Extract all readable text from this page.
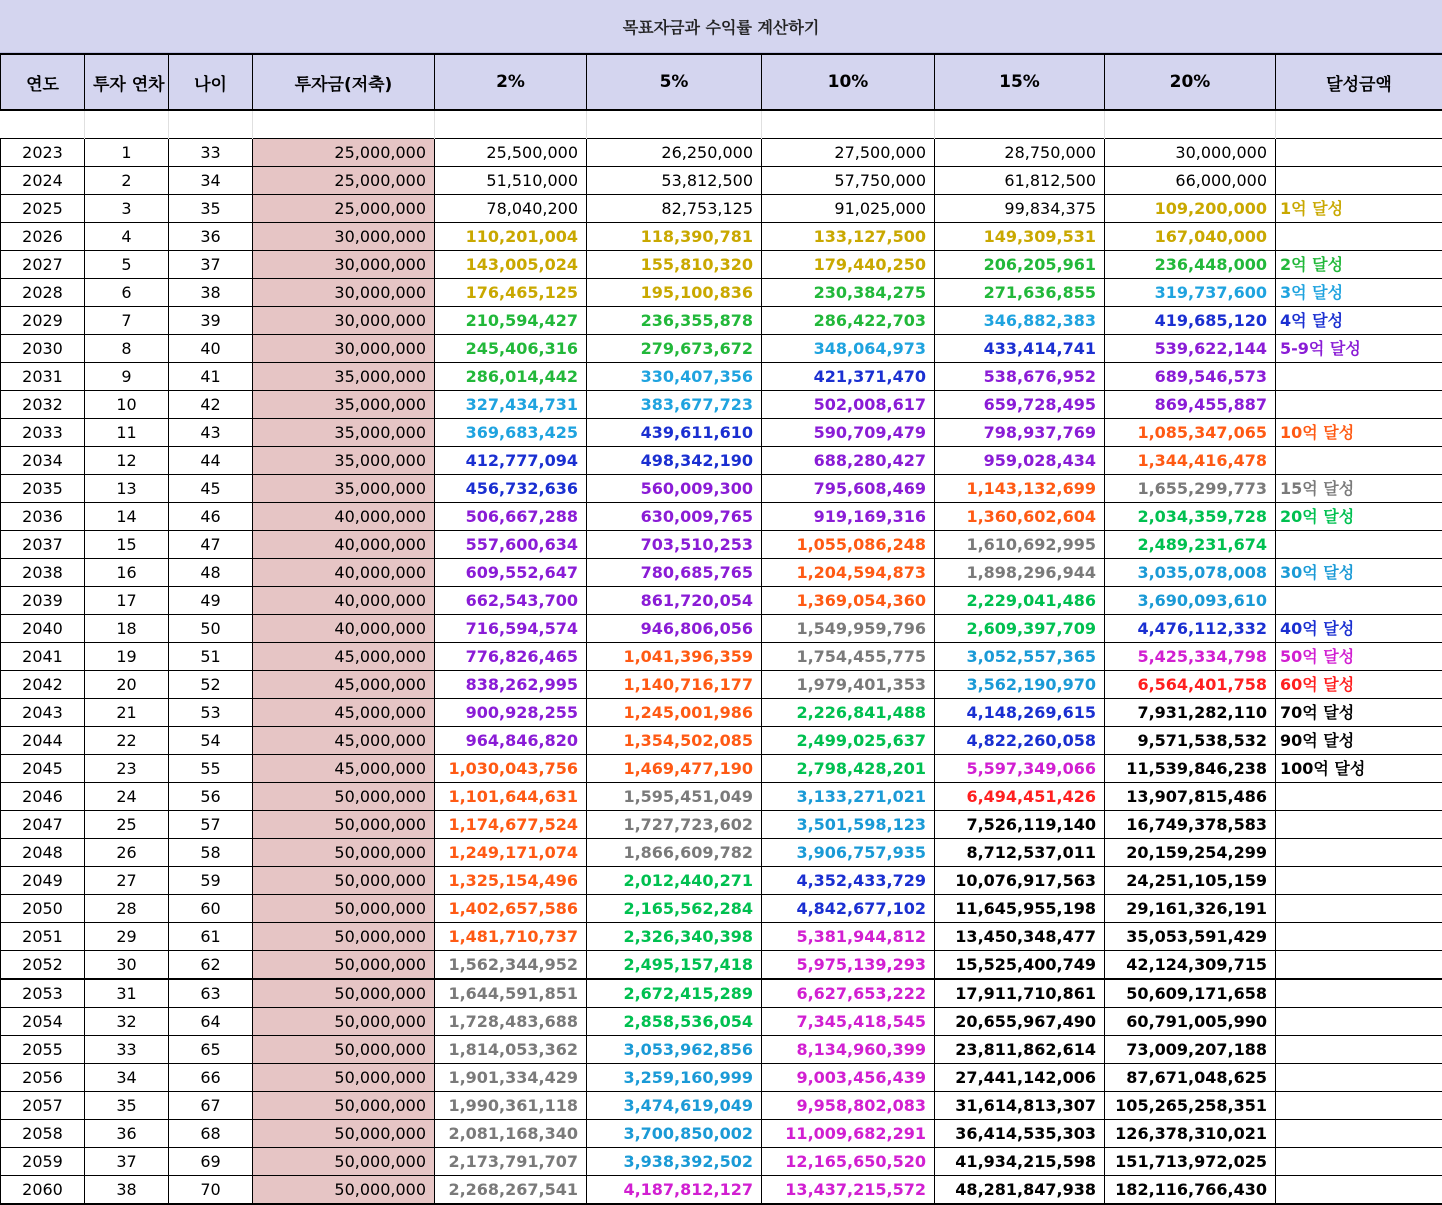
목표자금과 수익률 계산하기

연도	투자 연차	나이	투자금(저축)	2%	5%	10%	15%	20%	달성금액
2023	1	33	25,000,000	25,500,000	26,250,000	27,500,000	28,750,000	30,000,000	
2024	2	34	25,000,000	51,510,000	53,812,500	57,750,000	61,812,500	66,000,000	
2025	3	35	25,000,000	78,040,200	82,753,125	91,025,000	99,834,375	109,200,000	1억 달성
2026	4	36	30,000,000	110,201,004	118,390,781	133,127,500	149,309,531	167,040,000	
2027	5	37	30,000,000	143,005,024	155,810,320	179,440,250	206,205,961	236,448,000	2억 달성
2028	6	38	30,000,000	176,465,125	195,100,836	230,384,275	271,636,855	319,737,600	3억 달성
2029	7	39	30,000,000	210,594,427	236,355,878	286,422,703	346,882,383	419,685,120	4억 달성
2030	8	40	30,000,000	245,406,316	279,673,672	348,064,973	433,414,741	539,622,144	5-9억 달성
2031	9	41	35,000,000	286,014,442	330,407,356	421,371,470	538,676,952	689,546,573	
2032	10	42	35,000,000	327,434,731	383,677,723	502,008,617	659,728,495	869,455,887	
2033	11	43	35,000,000	369,683,425	439,611,610	590,709,479	798,937,769	1,085,347,065	10억 달성
2034	12	44	35,000,000	412,777,094	498,342,190	688,280,427	959,028,434	1,344,416,478	
2035	13	45	35,000,000	456,732,636	560,009,300	795,608,469	1,143,132,699	1,655,299,773	15억 달성
2036	14	46	40,000,000	506,667,288	630,009,765	919,169,316	1,360,602,604	2,034,359,728	20억 달성
2037	15	47	40,000,000	557,600,634	703,510,253	1,055,086,248	1,610,692,995	2,489,231,674	
2038	16	48	40,000,000	609,552,647	780,685,765	1,204,594,873	1,898,296,944	3,035,078,008	30억 달성
2039	17	49	40,000,000	662,543,700	861,720,054	1,369,054,360	2,229,041,486	3,690,093,610	
2040	18	50	40,000,000	716,594,574	946,806,056	1,549,959,796	2,609,397,709	4,476,112,332	40억 달성
2041	19	51	45,000,000	776,826,465	1,041,396,359	1,754,455,775	3,052,557,365	5,425,334,798	50억 달성
2042	20	52	45,000,000	838,262,995	1,140,716,177	1,979,401,353	3,562,190,970	6,564,401,758	60억 달성
2043	21	53	45,000,000	900,928,255	1,245,001,986	2,226,841,488	4,148,269,615	7,931,282,110	70억 달성
2044	22	54	45,000,000	964,846,820	1,354,502,085	2,499,025,637	4,822,260,058	9,571,538,532	90억 달성
2045	23	55	45,000,000	1,030,043,756	1,469,477,190	2,798,428,201	5,597,349,066	11,539,846,238	100억 달성
2046	24	56	50,000,000	1,101,644,631	1,595,451,049	3,133,271,021	6,494,451,426	13,907,815,486	
2047	25	57	50,000,000	1,174,677,524	1,727,723,602	3,501,598,123	7,526,119,140	16,749,378,583	
2048	26	58	50,000,000	1,249,171,074	1,866,609,782	3,906,757,935	8,712,537,011	20,159,254,299	
2049	27	59	50,000,000	1,325,154,496	2,012,440,271	4,352,433,729	10,076,917,563	24,251,105,159	
2050	28	60	50,000,000	1,402,657,586	2,165,562,284	4,842,677,102	11,645,955,198	29,161,326,191	
2051	29	61	50,000,000	1,481,710,737	2,326,340,398	5,381,944,812	13,450,348,477	35,053,591,429	
2052	30	62	50,000,000	1,562,344,952	2,495,157,418	5,975,139,293	15,525,400,749	42,124,309,715	
2053	31	63	50,000,000	1,644,591,851	2,672,415,289	6,627,653,222	17,911,710,861	50,609,171,658	
2054	32	64	50,000,000	1,728,483,688	2,858,536,054	7,345,418,545	20,655,967,490	60,791,005,990	
2055	33	65	50,000,000	1,814,053,362	3,053,962,856	8,134,960,399	23,811,862,614	73,009,207,188	
2056	34	66	50,000,000	1,901,334,429	3,259,160,999	9,003,456,439	27,441,142,006	87,671,048,625	
2057	35	67	50,000,000	1,990,361,118	3,474,619,049	9,958,802,083	31,614,813,307	105,265,258,351	
2058	36	68	50,000,000	2,081,168,340	3,700,850,002	11,009,682,291	36,414,535,303	126,378,310,021	
2059	37	69	50,000,000	2,173,791,707	3,938,392,502	12,165,650,520	41,934,215,598	151,713,972,025	
2060	38	70	50,000,000	2,268,267,541	4,187,812,127	13,437,215,572	48,281,847,938	182,116,766,430	
